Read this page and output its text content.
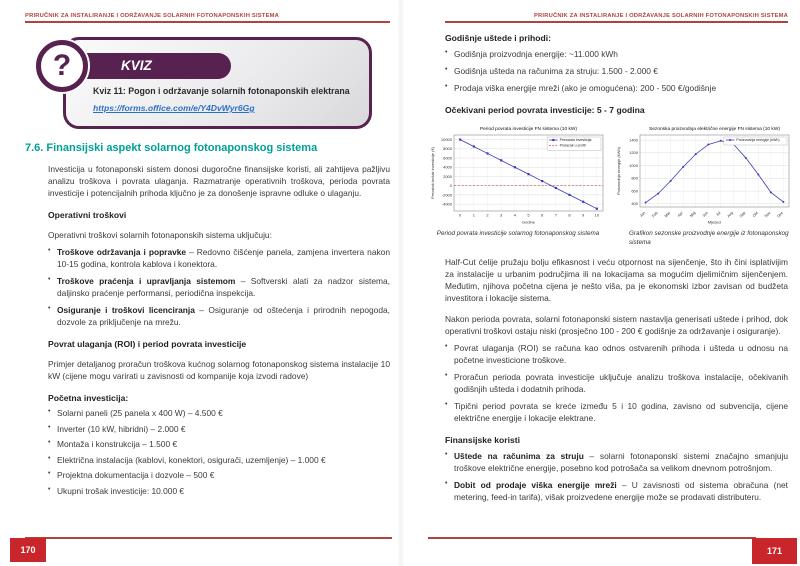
PRIRUČNIK ZA INSTALIRANJE I ODRŽAVANJE SOLARNIH FOTONAPONSKIH SISTEMA
?	KVIZ
Kviz 11: Pogon i održavanje solarnih fotonaponskih elektrana
https://forms.office.com/e/Y4DvWyr6Gg
7.6. Finansijski aspekt solarnog fotonaponskog sistema

Investicija u fotonaponski sistem donosi dugoročne finansijske koristi, ali zahtijeva pažljivu analizu troškova i povrata ulaganja. Razmatranje operativnih troškova, perioda povrata investicije i potencijalnih prihoda ključno je za donošenje ispravne odluke o ulaganju.

Operativni troškovi

Operativni troškovi solarnih fotonaponskih sistema uključuju:

• Troškove održavanja i popravke – Redovno čišćenje panela, zamjena invertera nakon 10-15 godina, kontrola kablova i konektora.
• Troškove praćenja i upravljanja sistemom – Softverski alati za nadzor sistema, daljinsko praćenje performansi, periodična inspekcija.
• Osiguranje i troškovi licenciranja – Osiguranje od oštećenja i prirodnih nepogoda, dozvole za priključenje na mrežu.
Povrat ulaganja (ROI) i period povrata investicije

Primjer detaljanog proračun troškova kućnog solarnog fotonaponskog sistema instalacije 10 kW (cijene mogu varirati u zavisnosti od kompanije koja izvodi radove)

Početna investicija:
• Solarni paneli (25 panela x 400 W) – 4.500 €
• Inverter (10 kW, hibridni) – 2.000 €
• Montaža i konstrukcija – 1.500 €
• Električna instalacija (kablovi, konektori, osigurači, uzemljenje) – 1.000 €
• Projektna dokumentacija i dozvole – 500 €
• Ukupni trošak investicije: 10.000 €
170
PRIRUČNIK ZA INSTALIRANJE I ODRŽAVANJE SOLARNIH FOTONAPONSKIH SISTEMA
Godišnje uštede i prihodi:
• Godišnja proizvodnja energije: ~11.000 kWh
• Godišnja ušteda na računima za struju: 1.500 - 2.000 €
• Prodaja viška energije mreži (ako je omogućena): 200 - 500 €/godišnje
Očekivani period povrata investicije: 5 - 7 godina
-4000
-2000
0
2000
4000
6000
8000
10000
0	1	2	3	4	5	6	7	8	9	10
Period povrata investicije FN sistema (10 kW)
Preostali trošak investicije (€)
Godine
Preostala investicija
Prelazak u profit
Period povrata investicije solarnog fotonaponskog sistema
400
600
800
1000
1200
1400
Jan Feb Mar Apr Maj Jun Jul Avg Sep Okt Nov Dec
Sezonska proizvodnja električne energije FN sistema (10 kW)
Proizvodnja energije (kWh)
Mjeseci
Proizvodnja energije (kWh)
Grafikon sezonske proizvodnje energije iz fotonaponskog sistema

Half-Cut ćelije pružaju bolju efikasnost i veću otpornost na sijenčenje, što ih čini isplativijim za instalacije u urbanim područjima ili na lokacijama sa mogućim djelimičnim sijenčenjem. Međutim, njihova početna cijena je nešto viša, pa je ekonomski izbor zavisan od budžeta investitora i lokacije sistema.

Nakon perioda povrata, solarni fotonaponski sistem nastavlja generisati uštede i prihod, dok operativni troškovi ostaju niski (prosječno 100 - 200 € godišnje za održavanje i osiguranje).

• Povrat ulaganja (ROI) se računa kao odnos ostvarenih prihoda i ušteda u odnosu na početne investicione troškove.
• Proračun perioda povrata investicije uključuje analizu troškova instalacije, očekivanih godišnjih ušteda i dodatnih prihoda.
• Tipični period povrata se kreće između 5 i 10 godina, zavisno od subvencija, cijene električne energije i lokacije elektrane.
Finansijske koristi
• Uštede na računima za struju – solarni fotonaponski sistemi značajno smanjuju troškove električne energije, posebno kod potrošača sa velikom dnevnom potrošnjom.
• Dobit od prodaje viška energije mreži – U zavisnosti od sistema obračuna (net metering, feed-in tarifa), višak proizvedene energije može se prodavati distributeru.
171
